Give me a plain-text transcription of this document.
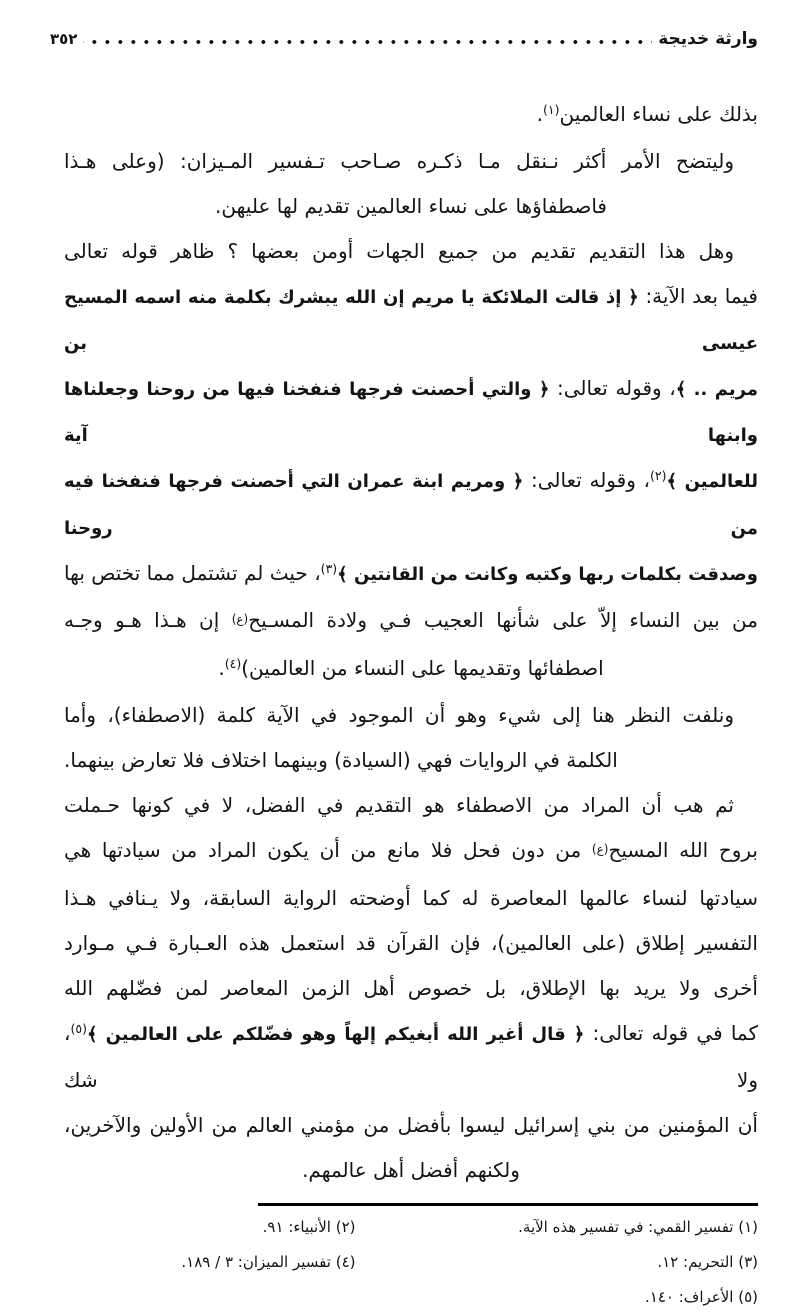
وارثة خديجة
٣٥٢
بذلك على نساء العالمين$^{(١)}$.
وليتضح الأمر أكثر نـنقل مـا ذكـره صـاحب تـفسير المـيزان: (وعلى هـذا
فاصطفاؤها على نساء العالمين تقديم لها عليهن.
وهل هذا التقديم تقديم من جميع الجهات أومن بعضها ؟ ظاهر قوله تعالى
فيما بعد الآية: ﴿ إذ قالت الملائكة يا مريم إن الله يبشرك بكلمة منه اسمه المسيح عيسى بن
مريم .. ﴾، وقوله تعالى: ﴿ والتي أحصنت فرجها فنفخنا فيها من روحنا وجعلناها وابنها آية
للعالمين ﴾$^{(٢)}$، وقوله تعالى: ﴿ ومريم ابنة عمران التي أحصنت فرجها فنفخنا فيه من روحنا
وصدقت بكلمات ربها وكتبه وكانت من القانتين ﴾$^{(٣)}$، حيث لم تشتمل مما تختص بها
من بين النساء إلاّ على شأنها العجيب فـي ولادة المسـيح$^{(ع)}$ إن هـذا هـو وجـه
اصطفائها وتقديمها على النساء من العالمين)$^{(٤)}$.
ونلفت النظر هنا إلى شيء وهو أن الموجود في الآية كلمة (الاصطفاء)، وأما
الكلمة في الروايات فهي (السيادة) وبينهما اختلاف فلا تعارض بينهما.
ثم هب أن المراد من الاصطفاء هو التقديم في الفضل، لا في كونها حـملت
بروح الله المسيح$^{(ع)}$ من دون فحل فلا مانع من أن يكون المراد من سيادتها هي
سيادتها لنساء عالمها المعاصرة له كما أوضحته الرواية السابقة، ولا يـنافي هـذا
التفسير إطلاق (على العالمين)، فإن القرآن قد استعمل هذه العـبارة فـي مـوارد
أخرى ولا يريد بها الإطلاق، بل خصوص أهل الزمن المعاصر لمن فضّلهم الله
كما في قوله تعالى: ﴿ قال أغير الله أبغيكم إلهاً وهو فضّلكم على العالمين ﴾$^{(٥)}$، ولا شك
أن المؤمنين من بني إسرائيل ليسوا بأفضل من مؤمني العالم من الأولين والآخرين،
ولكنهم أفضل أهل عالمهم.
(١) تفسير القمي: في تفسير هذه الآية.
(٢) الأنبياء: ٩١.
(٣) التحريم: ١٢.
(٤) تفسير الميزان: ٣ / ١٨٩.
(٥) الأعراف: ١٤٠.
